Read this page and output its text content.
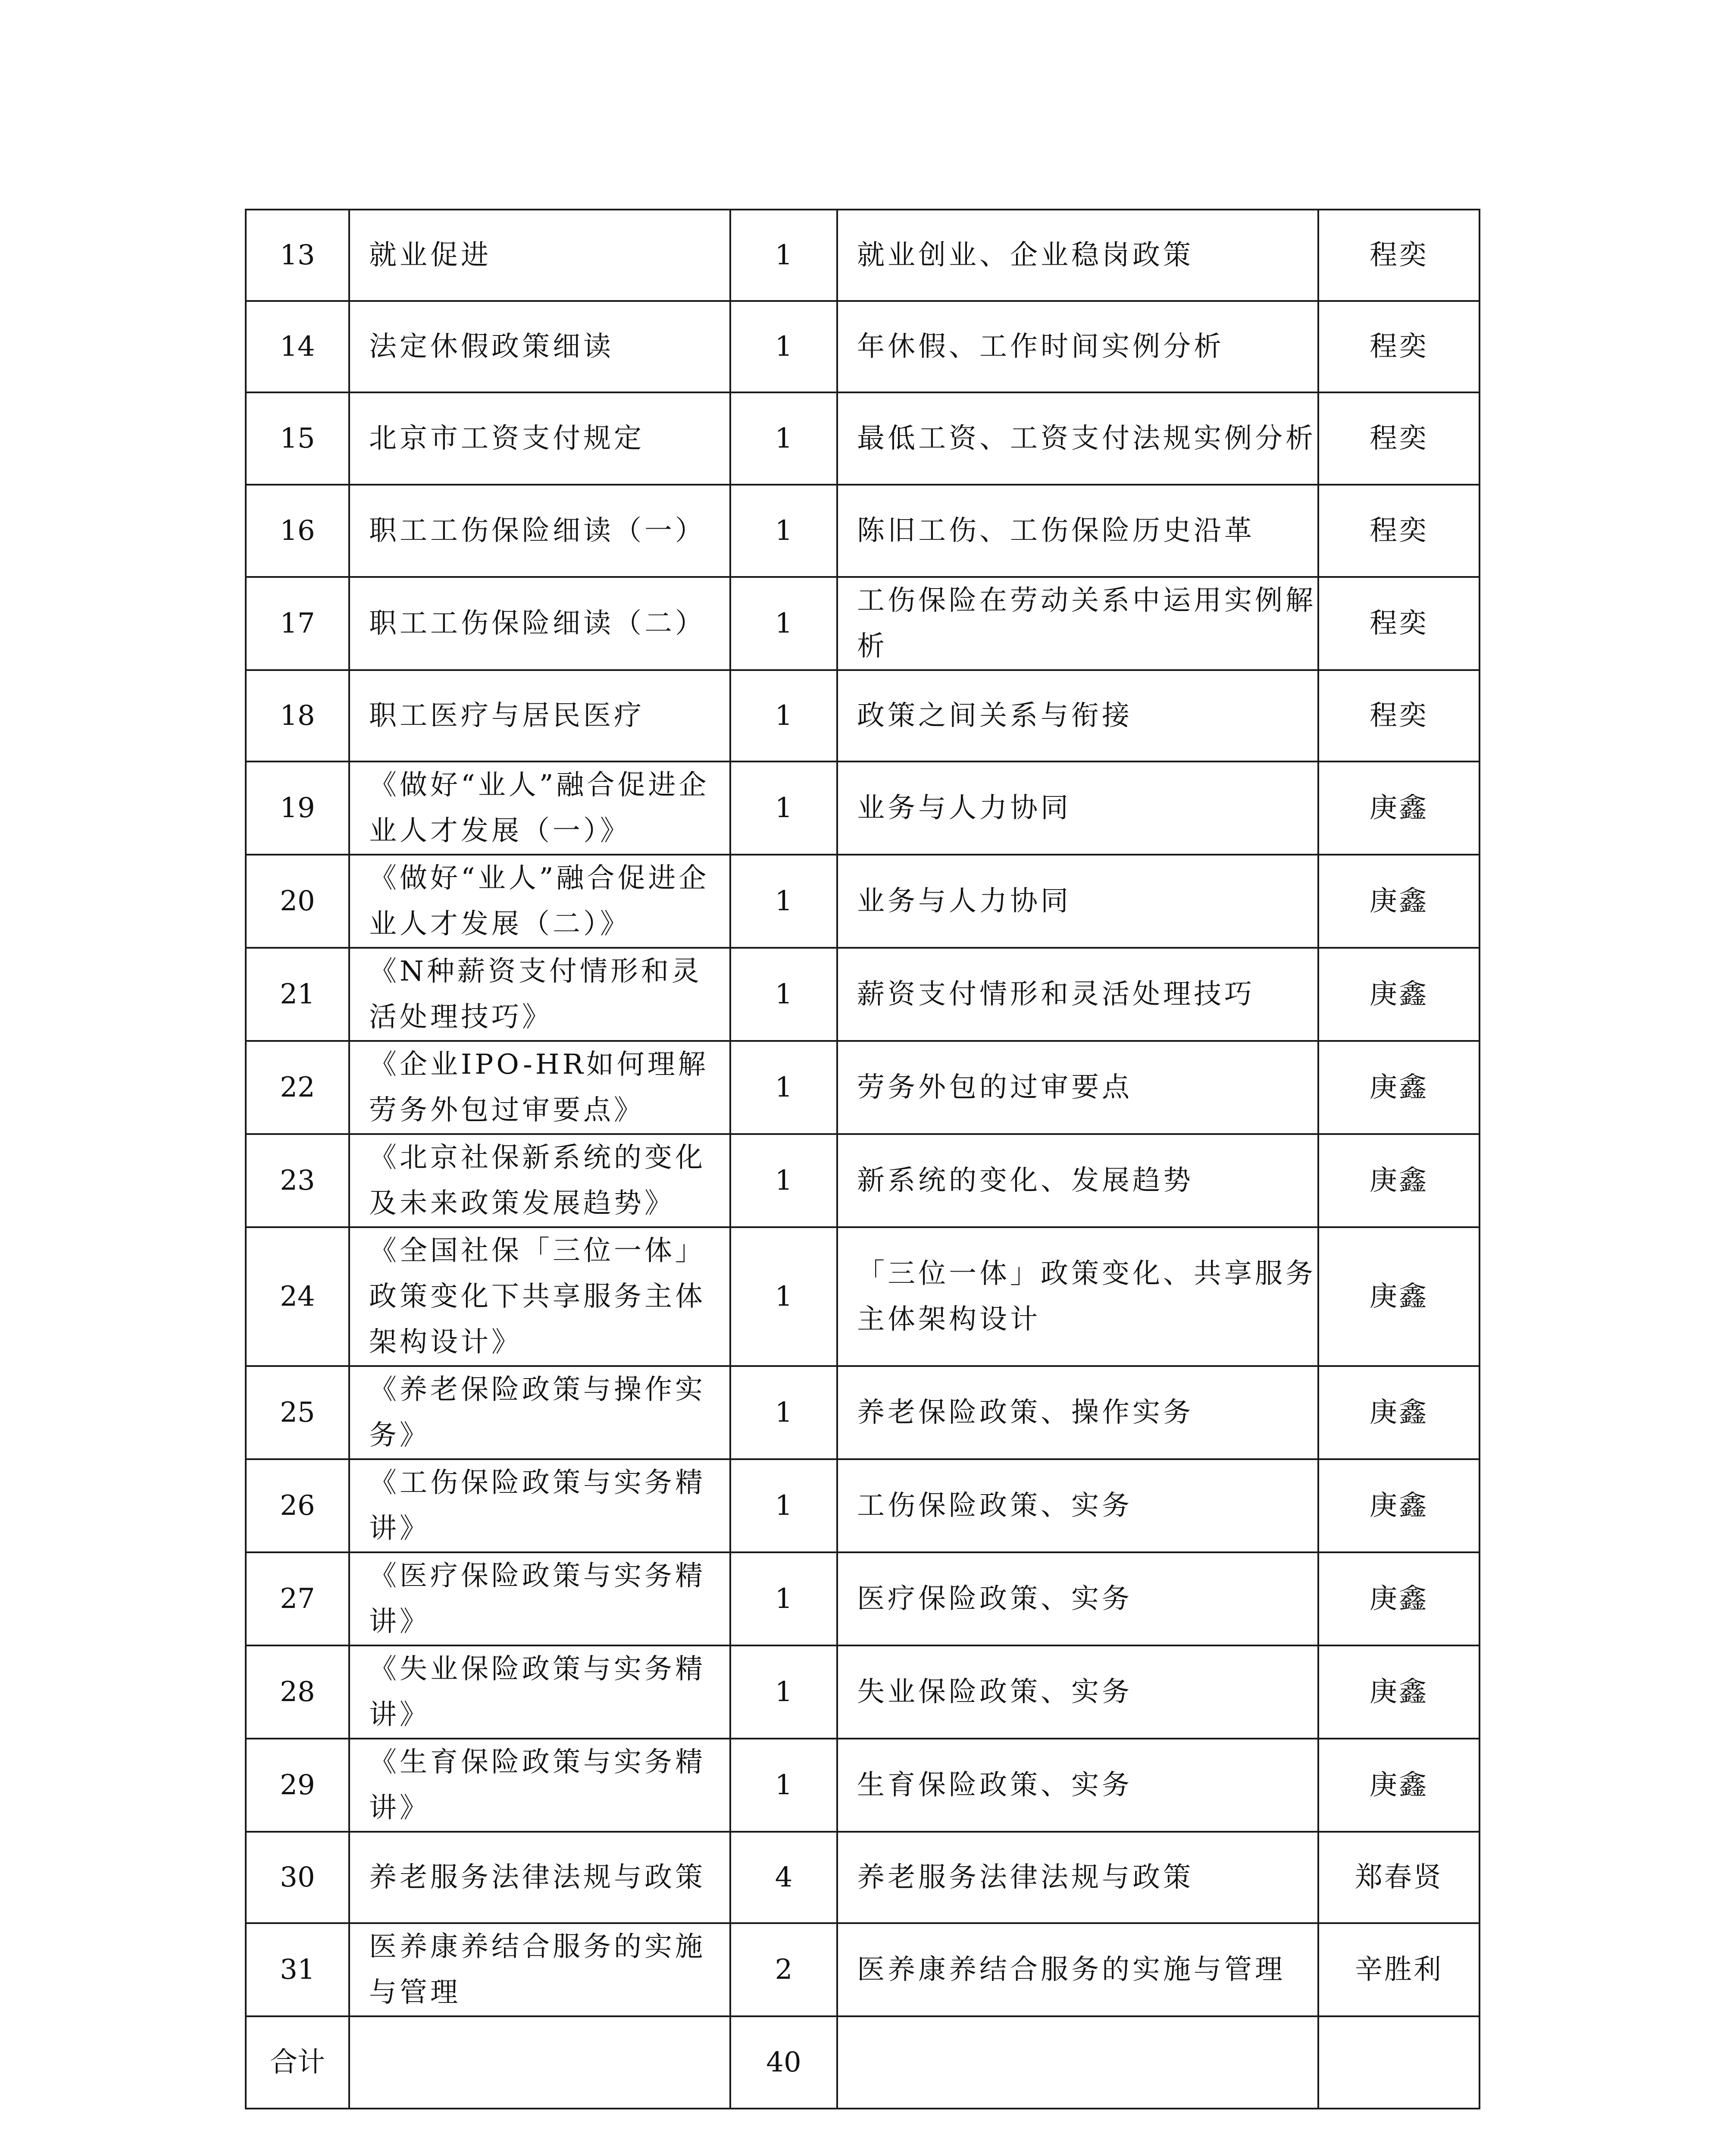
13	就业促进	1	就业创业、企业稳岗政策	程奕
14	法定休假政策细读	1	年休假、工作时间实例分析	程奕
15	北京市工资支付规定	1	最低工资、工资支付法规实例分析	程奕
16	职工工伤保险细读（一）	1	陈旧工伤、工伤保险历史沿革	程奕
17	职工工伤保险细读（二）	1	工伤保险在劳动关系中运用实例解析	程奕
18	职工医疗与居民医疗	1	政策之间关系与衔接	程奕
19	《做好“业人”融合促进企业人才发展（一）》	1	业务与人力协同	庚鑫
20	《做好“业人”融合促进企业人才发展（二）》	1	业务与人力协同	庚鑫
21	《N种薪资支付情形和灵活处理技巧》	1	薪资支付情形和灵活处理技巧	庚鑫
22	《企业IPO-HR如何理解劳务外包过审要点》	1	劳务外包的过审要点	庚鑫
23	《北京社保新系统的变化及未来政策发展趋势》	1	新系统的变化、发展趋势	庚鑫
24	《全国社保「三位一体」政策变化下共享服务主体架构设计》	1	「三位一体」政策变化、共享服务主体架构设计	庚鑫
25	《养老保险政策与操作实务》	1	养老保险政策、操作实务	庚鑫
26	《工伤保险政策与实务精讲》	1	工伤保险政策、实务	庚鑫
27	《医疗保险政策与实务精讲》	1	医疗保险政策、实务	庚鑫
28	《失业保险政策与实务精讲》	1	失业保险政策、实务	庚鑫
29	《生育保险政策与实务精讲》	1	生育保险政策、实务	庚鑫
30	养老服务法律法规与政策	4	养老服务法律法规与政策	郑春贤
31	医养康养结合服务的实施与管理	2	医养康养结合服务的实施与管理	辛胜利
合计		40		
